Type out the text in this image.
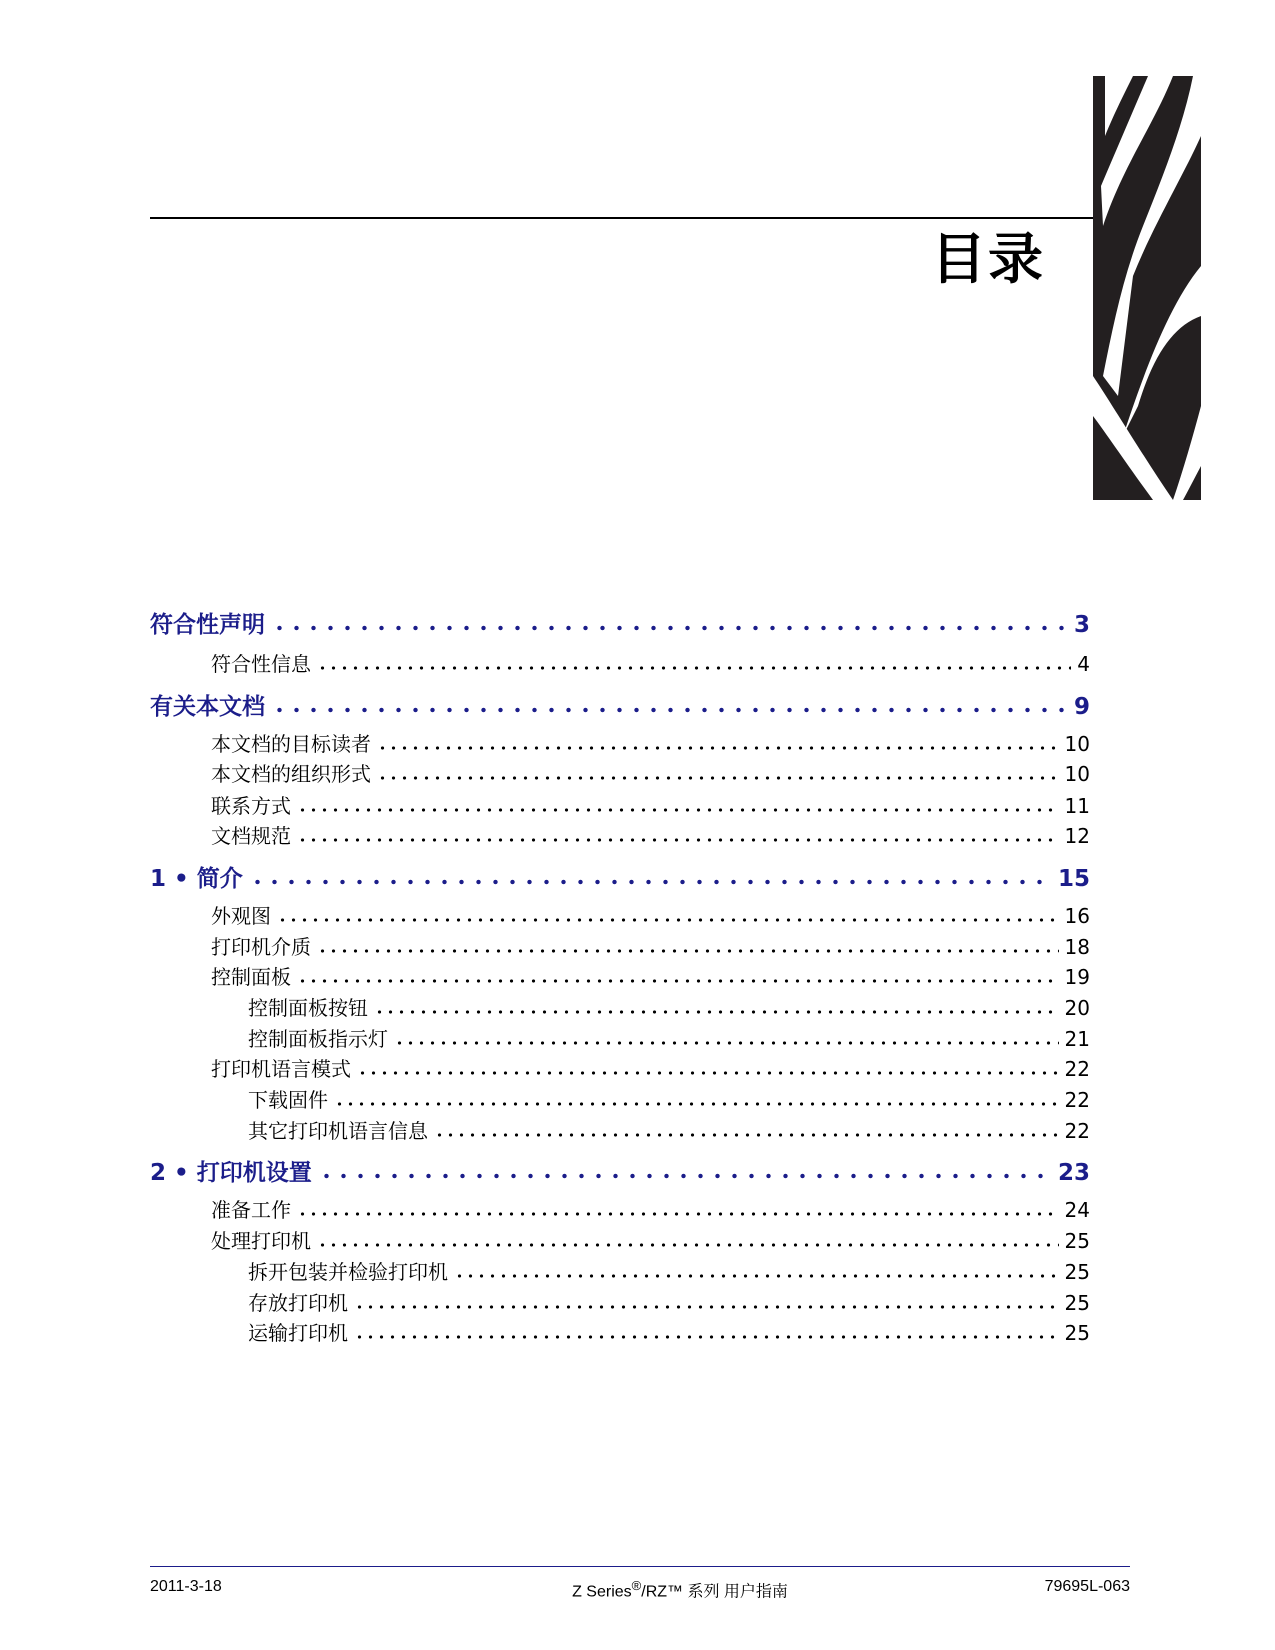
目录
符合性声明	3
符合性信息	4
有关本文档	9
本文档的目标读者	10
本文档的组织形式	10
联系方式	11
文档规范	12
1 • 简介	15
外观图	16
打印机介质	18
控制面板	19
控制面板按钮	20
控制面板指示灯	21
打印机语言模式	22
下载固件	22
其它打印机语言信息	22
2 • 打印机设置	23
准备工作	24
处理打印机	25
拆开包装并检验打印机	25
存放打印机	25
运输打印机	25
2011-3-18	Z Series®/RZ™ 系列 用户指南	79695L-063
